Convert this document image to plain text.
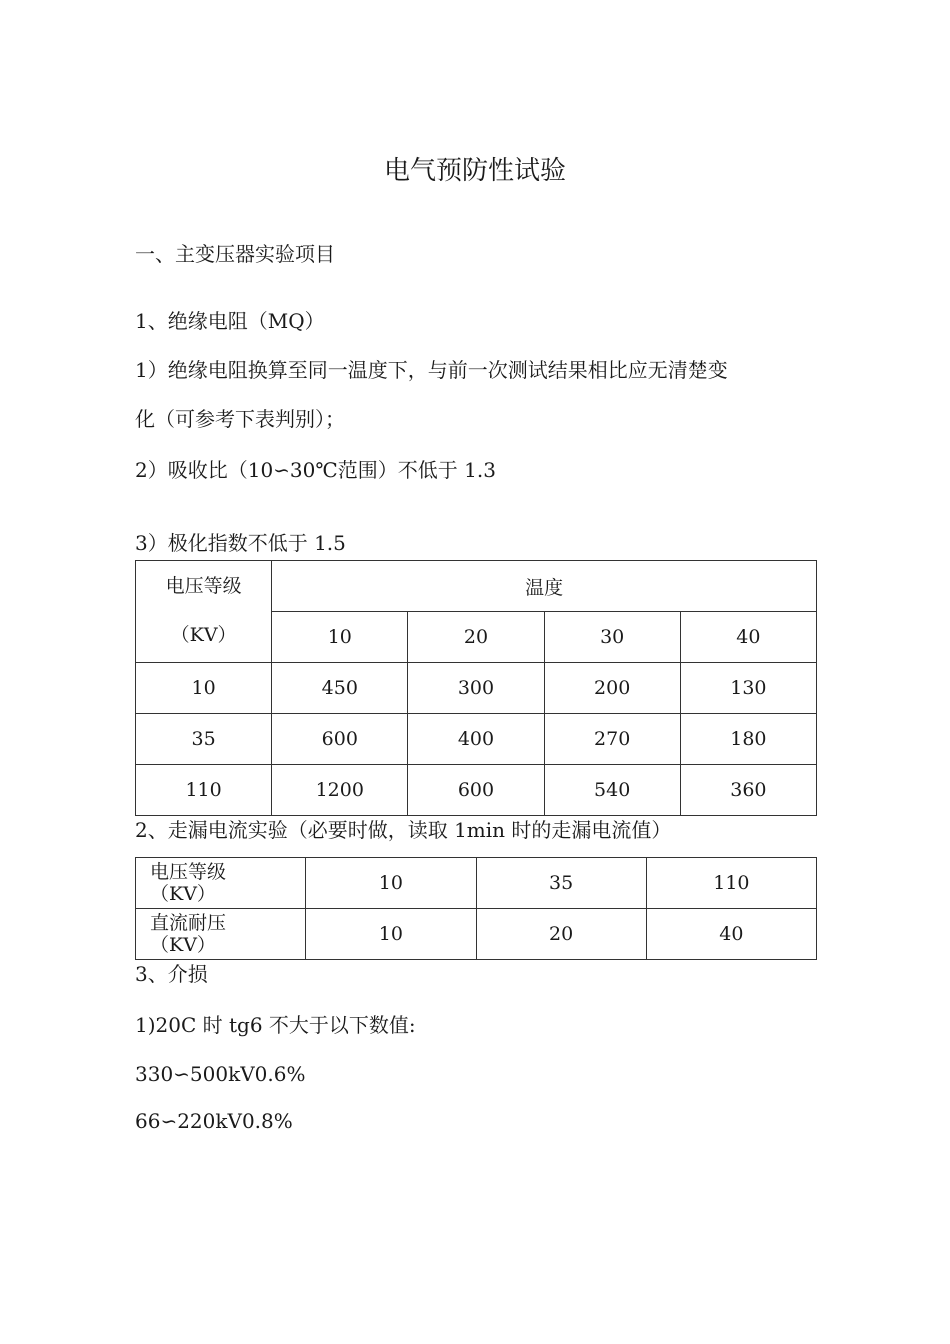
电气预防性试验
一、主变压器实验项目
1、绝缘电阻（MQ）
1）绝缘电阻换算至同一温度下，与前一次测试结果相比应无清楚变
化（可参考下表判别）；
2）吸收比（10∽30℃范围）不低于 1.3
3）极化指数不低于 1.5
电压等级
（KV）	温度			
	10	20	30	40
10	450	300	200	130
35	600	400	270	180
110	1200	600	540	360
2、走漏电流实验（必要时做，读取 1min 时的走漏电流值）
电压等级
（KV）	10	35	110

直流耐压
（KV）	10	20	40
3、介损
1)20C 时 tg6 不大于以下数值:
330∽500kV0.6%
66∽220kV0.8%
